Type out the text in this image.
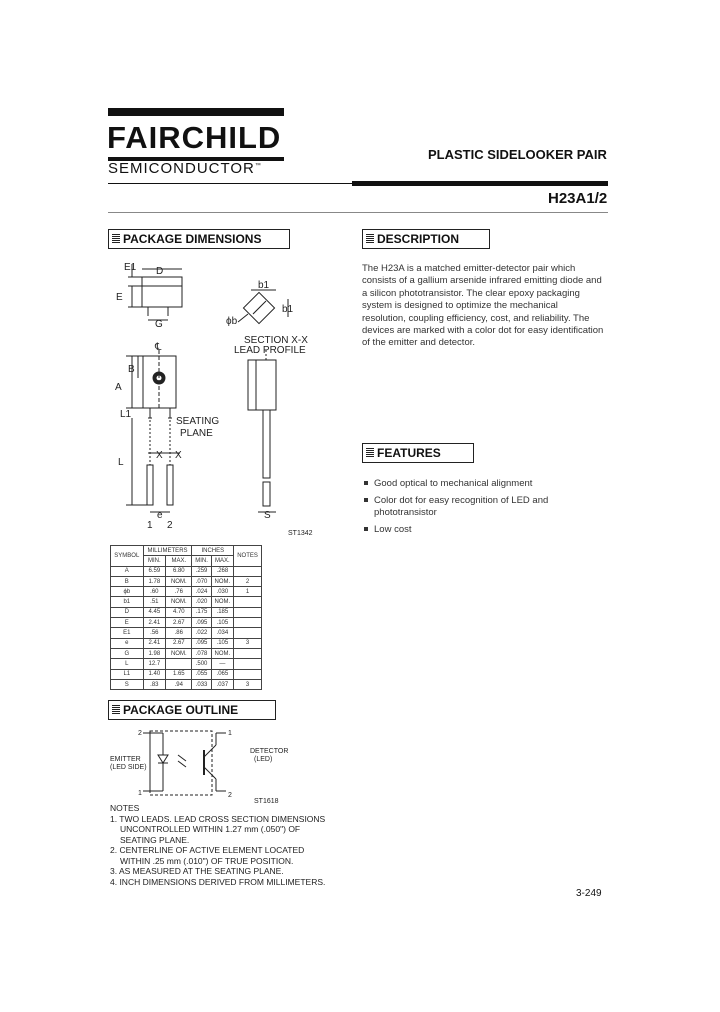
FAIRCHILD
SEMICONDUCTOR™
PLASTIC SIDELOOKER PAIR
H23A1/2
PACKAGE DIMENSIONS	DESCRIPTION
FEATURES
PACKAGE OUTLINE
The H23A is a matched emitter-detector pair which
consists of a gallium arsenide infrared emitting diode and
a silicon phototransistor. The clear epoxy packaging
system is designed to optimize the mechanical
resolution, coupling efficiency, cost, and reliability. The
devices are marked with a color dot for easy identification
of the emitter and detector.
Good optical to mechanical alignment
Color dot for easy recognition of LED and
phototransistor
Low cost
E1 D
E
G
b1
b1
ϕb
SECTION X-X
LEAD PROFILE
℄
A
B
L1
L
X X
SEATING
PLANE
e
1 2
S
ST1342
SYMBOL	MILLIMETERS		INCHES		NOTES
	MIN.	MAX.	MIN.	MAX.	
A	6.59	6.80	.259	.268	
B	1.78	NOM.	.070	NOM.	2
ϕb	.60	.76	.024	.030	1
b1	.51	NOM.	.020	NOM.	
D	4.45	4.70	.175	.185	
E	2.41	2.67	.095	.105	
E1	.56	.86	.022	.034	
e	2.41	2.67	.095	.105	3
G	1.98	NOM.	.078	NOM.	
L	12.7		.500	—	
L1	1.40	1.65	.055	.065	
S	.83	.94	.033	.037	3
2
1
1
2
EMITTER
(LED SIDE)
DETECTOR
(LED)
ST1618
NOTES
1. TWO LEADS. LEAD CROSS SECTION DIMENSIONS
UNCONTROLLED WITHIN 1.27 mm (.050") OF
SEATING PLANE.
2. CENTERLINE OF ACTIVE ELEMENT LOCATED
WITHIN .25 mm (.010") OF TRUE POSITION.
3. AS MEASURED AT THE SEATING PLANE.
4. INCH DIMENSIONS DERIVED FROM MILLIMETERS.
3-249
